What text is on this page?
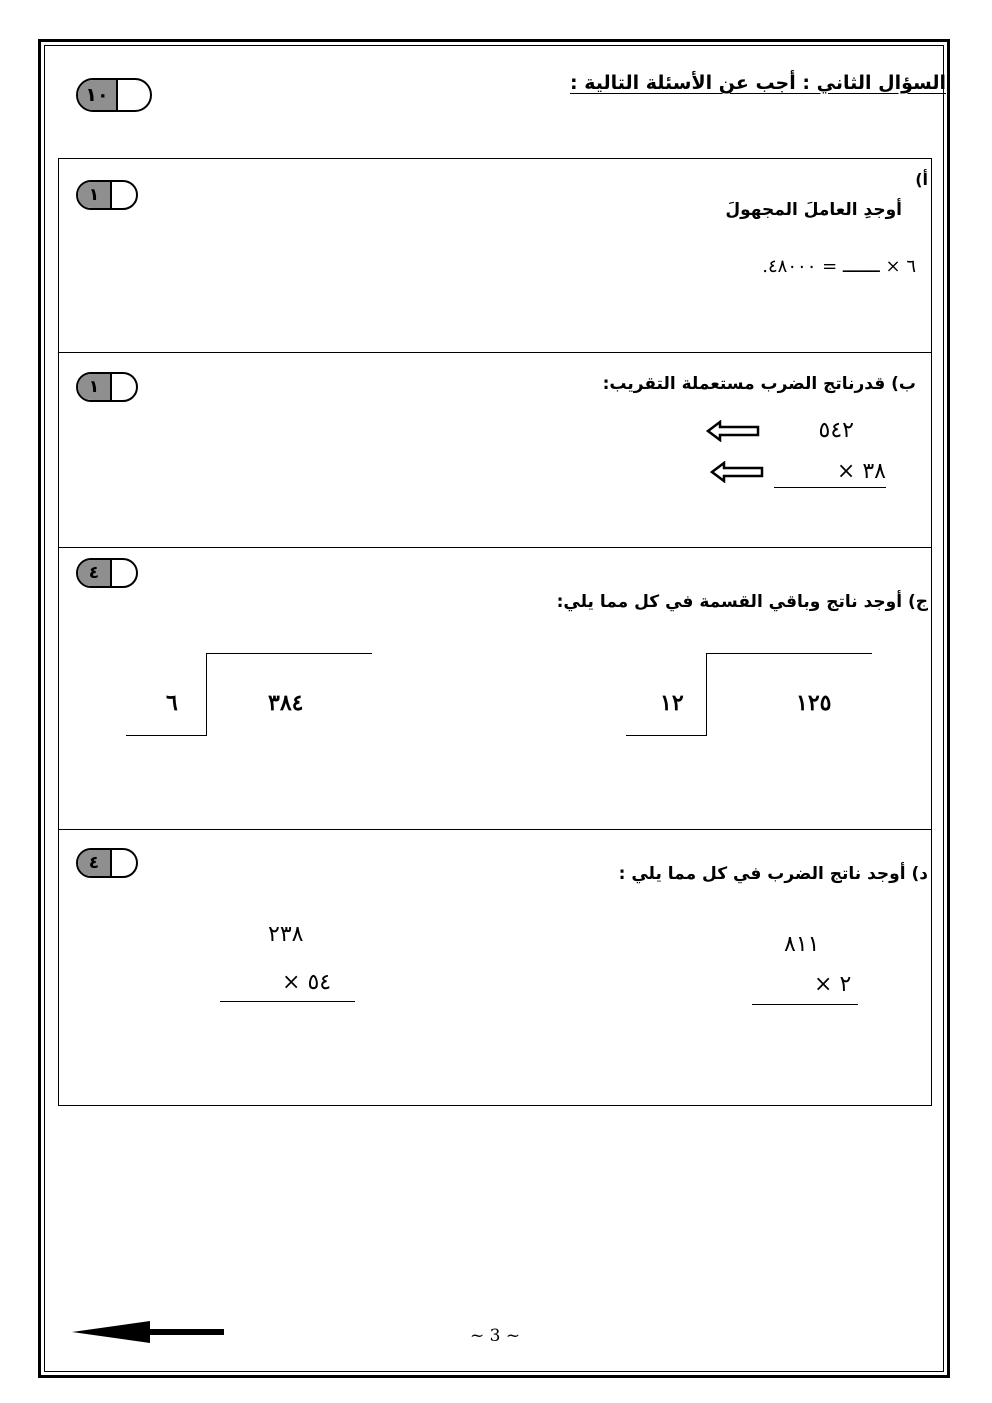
السؤال الثاني : أجب عن الأسئلة التالية :
١٠
أ)
أوجدِ العاملَ المجهولَ
٦ × ـــــــ = ٤٨٠٠٠.
١
ب) قدرناتج الضرب مستعملة التقريب:
١
٥٤٢
٣٨ ×
ج) أوجد ناتج وباقي القسمة في كل مما يلي:
٤
١٢٥
١٢
٣٨٤
٦
د) أوجد ناتج الضرب في كل مما يلي :
٤
٨١١
٢ ×
٢٣٨
٥٤ ×
~ 3 ~
